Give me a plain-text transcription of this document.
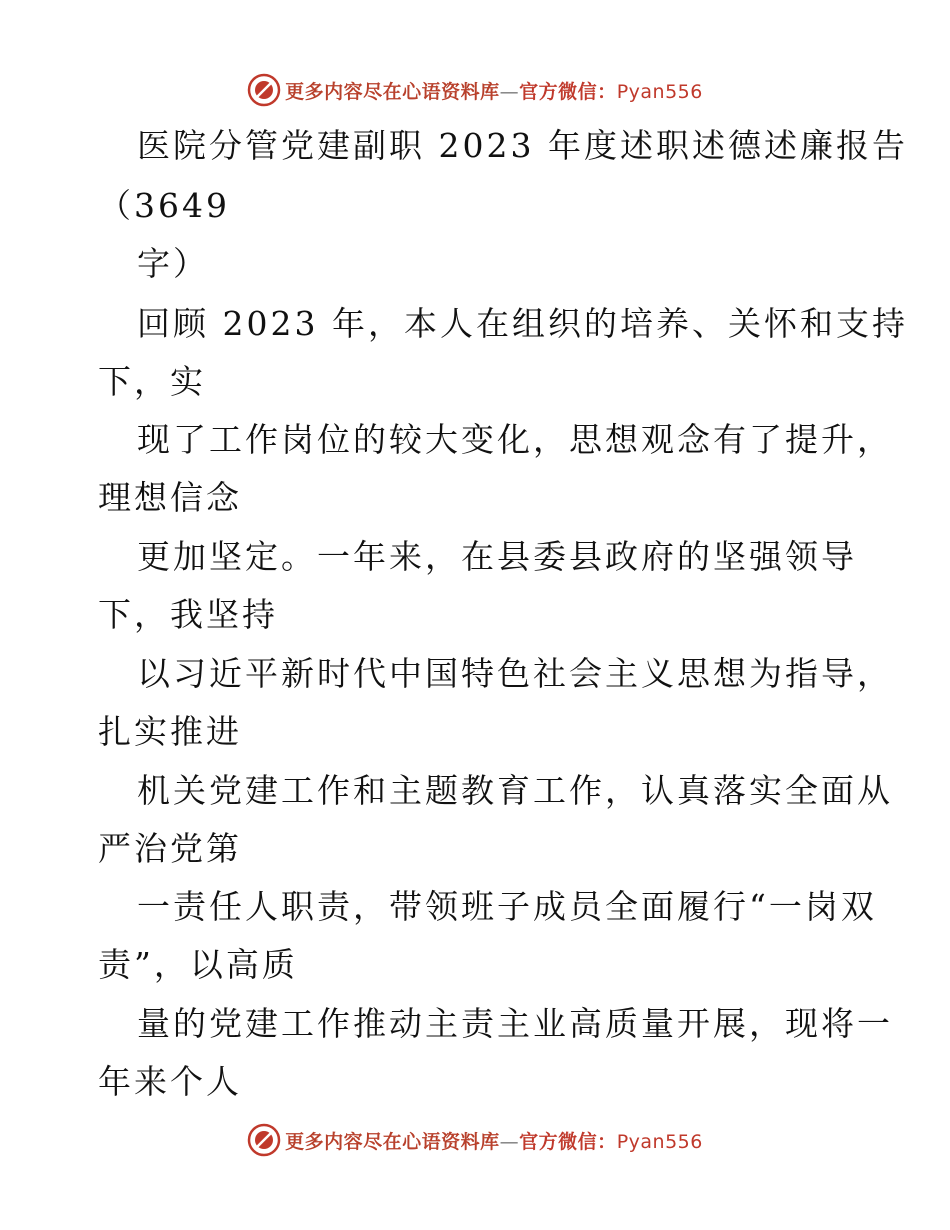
更多内容尽在心语资料库—官方微信：Pyan556
医院分管党建副职 2023 年度述职述德述廉报告
（3649
字）
回顾 2023 年，本人在组织的培养、关怀和支持
下，实
现了工作岗位的较大变化，思想观念有了提升，
理想信念
更加坚定。一年来，在县委县政府的坚强领导
下，我坚持
以习近平新时代中国特色社会主义思想为指导，
扎实推进
机关党建工作和主题教育工作，认真落实全面从
严治党第
一责任人职责，带领班子成员全面履行“一岗双
责”，以高质
量的党建工作推动主责主业高质量开展，现将一
年来个人
更多内容尽在心语资料库—官方微信：Pyan556
